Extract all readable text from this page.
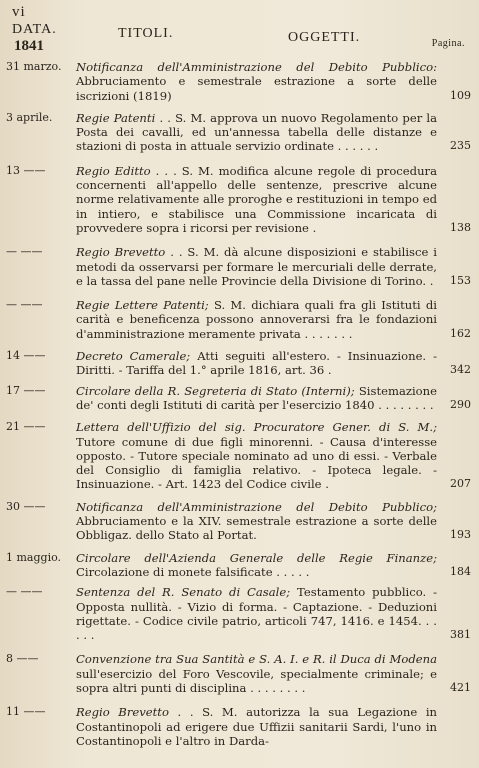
vi
DATA.
1841
TITOLI.	OGGETTI.	Pagina.
31 marzo.	Notificanza dell'Amministrazione del Debito Pubblico: Abbruciamento e semestrale estrazione a sorte delle iscrizioni (1819)	109
3 aprile.	Regie Patenti . . S. M. approva un nuovo Regolamento per la Posta dei cavalli, ed un'annessa tabella delle distanze e stazioni di posta in attuale servizio ordinate . . . . . .	235
13 ——	Regio Editto . . . S. M. modifica alcune regole di procedura concernenti all'appello delle sentenze, prescrive alcune norme relativamente alle proroghe e restituzioni in tempo ed in intiero, e stabilisce una Commissione incaricata di provvedere sopra i ricorsi per revisione .	138
— ——	Regio Brevetto . . S. M. dà alcune disposizioni e stabilisce i metodi da osservarsi per formare le mercuriali delle derrate, e la tassa del pane nelle Provincie della Divisione di Torino. .	153
— ——	Regie Lettere Patenti; S. M. dichiara quali fra gli Istituti di carità e beneficenza possono annoverarsi fra le fondazioni d'amministrazione meramente privata . . . . . . .	162
14 ——	Decreto Camerale; Atti seguiti all'estero. - Insinuazione. - Diritti. - Tariffa del 1.° aprile 1816, art. 36 .	342
17 ——	Circolare della R. Segreteria di Stato (Interni); Sistemazione de' conti degli Istituti di carità per l'esercizio 1840 . . . . . . . .	290
21 ——	Lettera dell'Uffizio del sig. Procuratore Gener. di S. M.; Tutore comune di due figli minorenni. - Causa d'interesse opposto. - Tutore speciale nominato ad uno di essi. - Verbale del Consiglio di famiglia relativo. - Ipoteca legale. - Insinuazione. - Art. 1423 del Codice civile .	207
30 ——	Notificanza dell'Amministrazione del Debito Pubblico; Abbruciamento e la XIV. semestrale estrazione a sorte delle Obbligaz. dello Stato al Portat.	193
1 maggio.	Circolare dell'Azienda Generale delle Regie Finanze; Circolazione di monete falsificate . . . . .	184
— ——	Sentenza del R. Senato di Casale; Testamento pubblico. - Opposta nullità. - Vizio di forma. - Captazione. - Deduzioni rigettate. - Codice civile patrio, articoli 747, 1416. e 1454. . . . . .	381
8 ——	Convenzione tra Sua Santità e S. A. I. e R. il Duca di Modena sull'esercizio del Foro Vescovile, specialmente criminale; e sopra altri punti di disciplina . . . . . . . .	421
11 ——	Regio Brevetto . . S. M. autorizza la sua Legazione in Costantinopoli ad erigere due Uffizii sanitarii Sardi, l'uno in Costantinopoli e l'altro in Darda-
